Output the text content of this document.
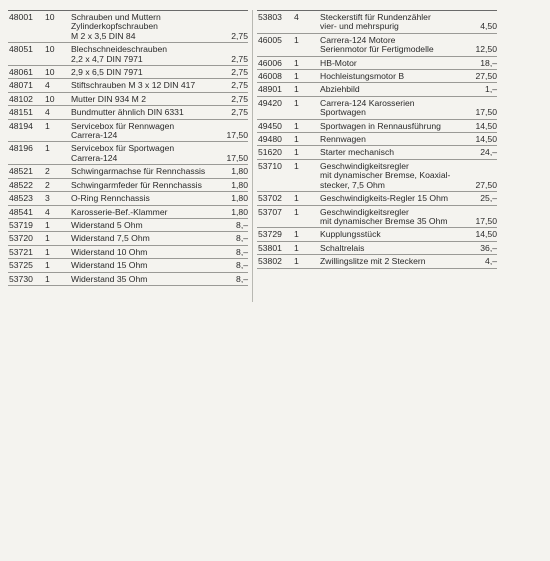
48001 10 Schrauben und Muttern
Zylinderkopfschrauben
M 2 x 3,5 DIN 84	2,75
48051 10 Blechschneideschrauben
2,2 x 4,7 DIN 7971	2,75
48061 10 2,9 x 6,5 DIN 7971	2,75
48071 4 Stiftschrauben M 3 x 12 DIN 417	2,75
48102 10 Mutter DIN 934 M 2	2,75
48151 4 Bundmutter ähnlich DIN 6331	2,75
48194 1 Servicebox für Rennwagen
Carrera-124	17,50
48196 1 Servicebox für Sportwagen
Carrera-124	17,50
48521 2 Schwingarmachse für Rennchassis	1,80
48522 2 Schwingarmfeder für Rennchassis	1,80
48523 3 O-Ring Rennchassis	1,80
48541 4 Karosserie-Bef.-Klammer	1,80
53719 1 Widerstand 5 Ohm	8,–
53720 1 Widerstand 7,5 Ohm	8,–
53721 1 Widerstand 10 Ohm	8,–
53725 1 Widerstand 15 Ohm	8,–
53730 1 Widerstand 35 Ohm	8,–
53803 4 Steckerstift für Rundenzähler
vier- und mehrspurig	4,50
46005 1 Carrera-124 Motore
Serienmotor für Fertigmodelle	12,50
46006 1 HB-Motor	18,–
46008 1 Hochleistungsmotor B	27,50
48901 1 Abziehbild	1,–
49420 1 Carrera-124 Karosserien
Sportwagen	17,50
49450 1 Sportwagen in Rennausführung	14,50
49480 1 Rennwagen	14,50
51620 1 Starter mechanisch	24,–
53710 1 Geschwindigkeitsregler
mit dynamischer Bremse, Koaxial-
stecker, 7,5 Ohm	27,50
53702 1 Geschwindigkeits-Regler 15 Ohm	25,–
53707 1 Geschwindigkeitsregler
mit dynamischer Bremse 35 Ohm	17,50
53729 1 Kupplungsstück	14,50
53801 1 Schaltrelais	36,–
53802 1 Zwillingslitze mit 2 Steckern	4,–
